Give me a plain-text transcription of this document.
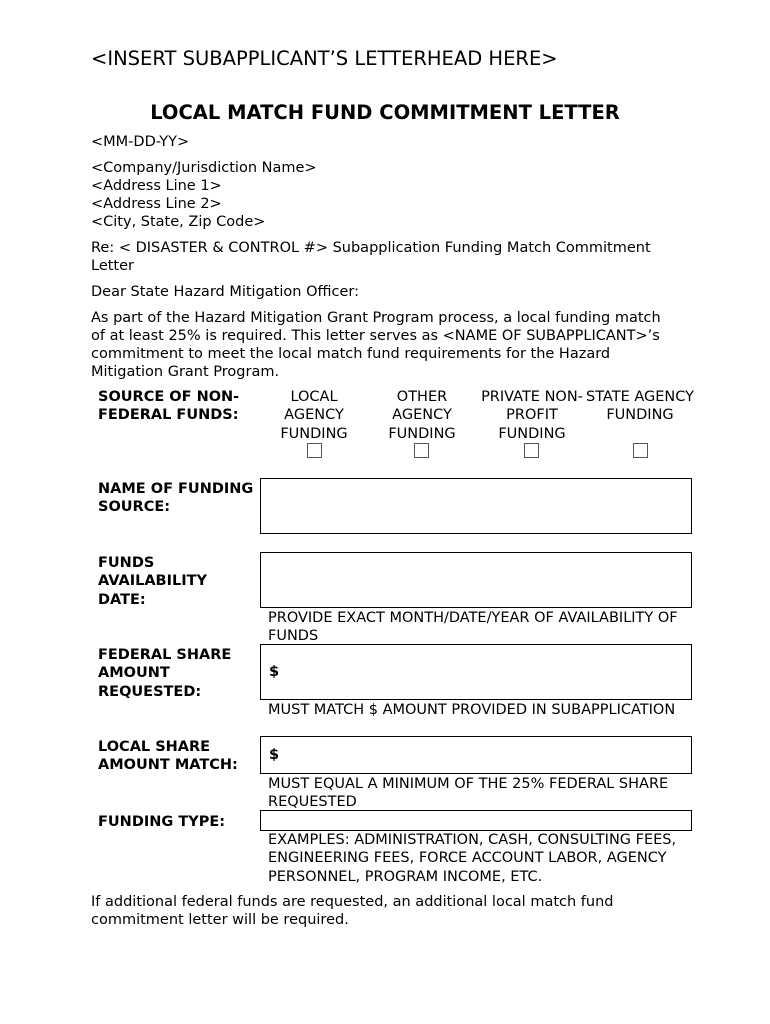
<INSERT SUBAPPLICANT’S LETTERHEAD HERE>
LOCAL MATCH FUND COMMITMENT LETTER
<MM-DD-YY>
<Company/Jurisdiction Name>
<Address Line 1>
<Address Line 2>
<City, State, Zip Code>
Re: < DISASTER & CONTROL #> Subapplication Funding Match Commitment Letter
Dear State Hazard Mitigation Officer:
As part of the Hazard Mitigation Grant Program process, a local funding match of at least 25% is required. This letter serves as <NAME OF SUBAPPLICANT>’s commitment to meet the local match fund requirements for the Hazard Mitigation Grant Program.
SOURCE OF NON-FEDERAL FUNDS:
LOCAL AGENCY FUNDING
OTHER AGENCY FUNDING
PRIVATE NON-PROFIT FUNDING
STATE AGENCY FUNDING
NAME OF FUNDING SOURCE:
FUNDS AVAILABILITY DATE:
PROVIDE EXACT MONTH/DATE/YEAR OF AVAILABILITY OF FUNDS
FEDERAL SHARE AMOUNT REQUESTED:
$
MUST MATCH $ AMOUNT PROVIDED IN SUBAPPLICATION
LOCAL SHARE AMOUNT MATCH:
$
MUST EQUAL A MINIMUM OF THE 25% FEDERAL SHARE REQUESTED
FUNDING TYPE:
EXAMPLES: ADMINISTRATION, CASH, CONSULTING FEES, ENGINEERING FEES, FORCE ACCOUNT LABOR, AGENCY PERSONNEL, PROGRAM INCOME, ETC.
If additional federal funds are requested, an additional local match fund commitment letter will be required.
